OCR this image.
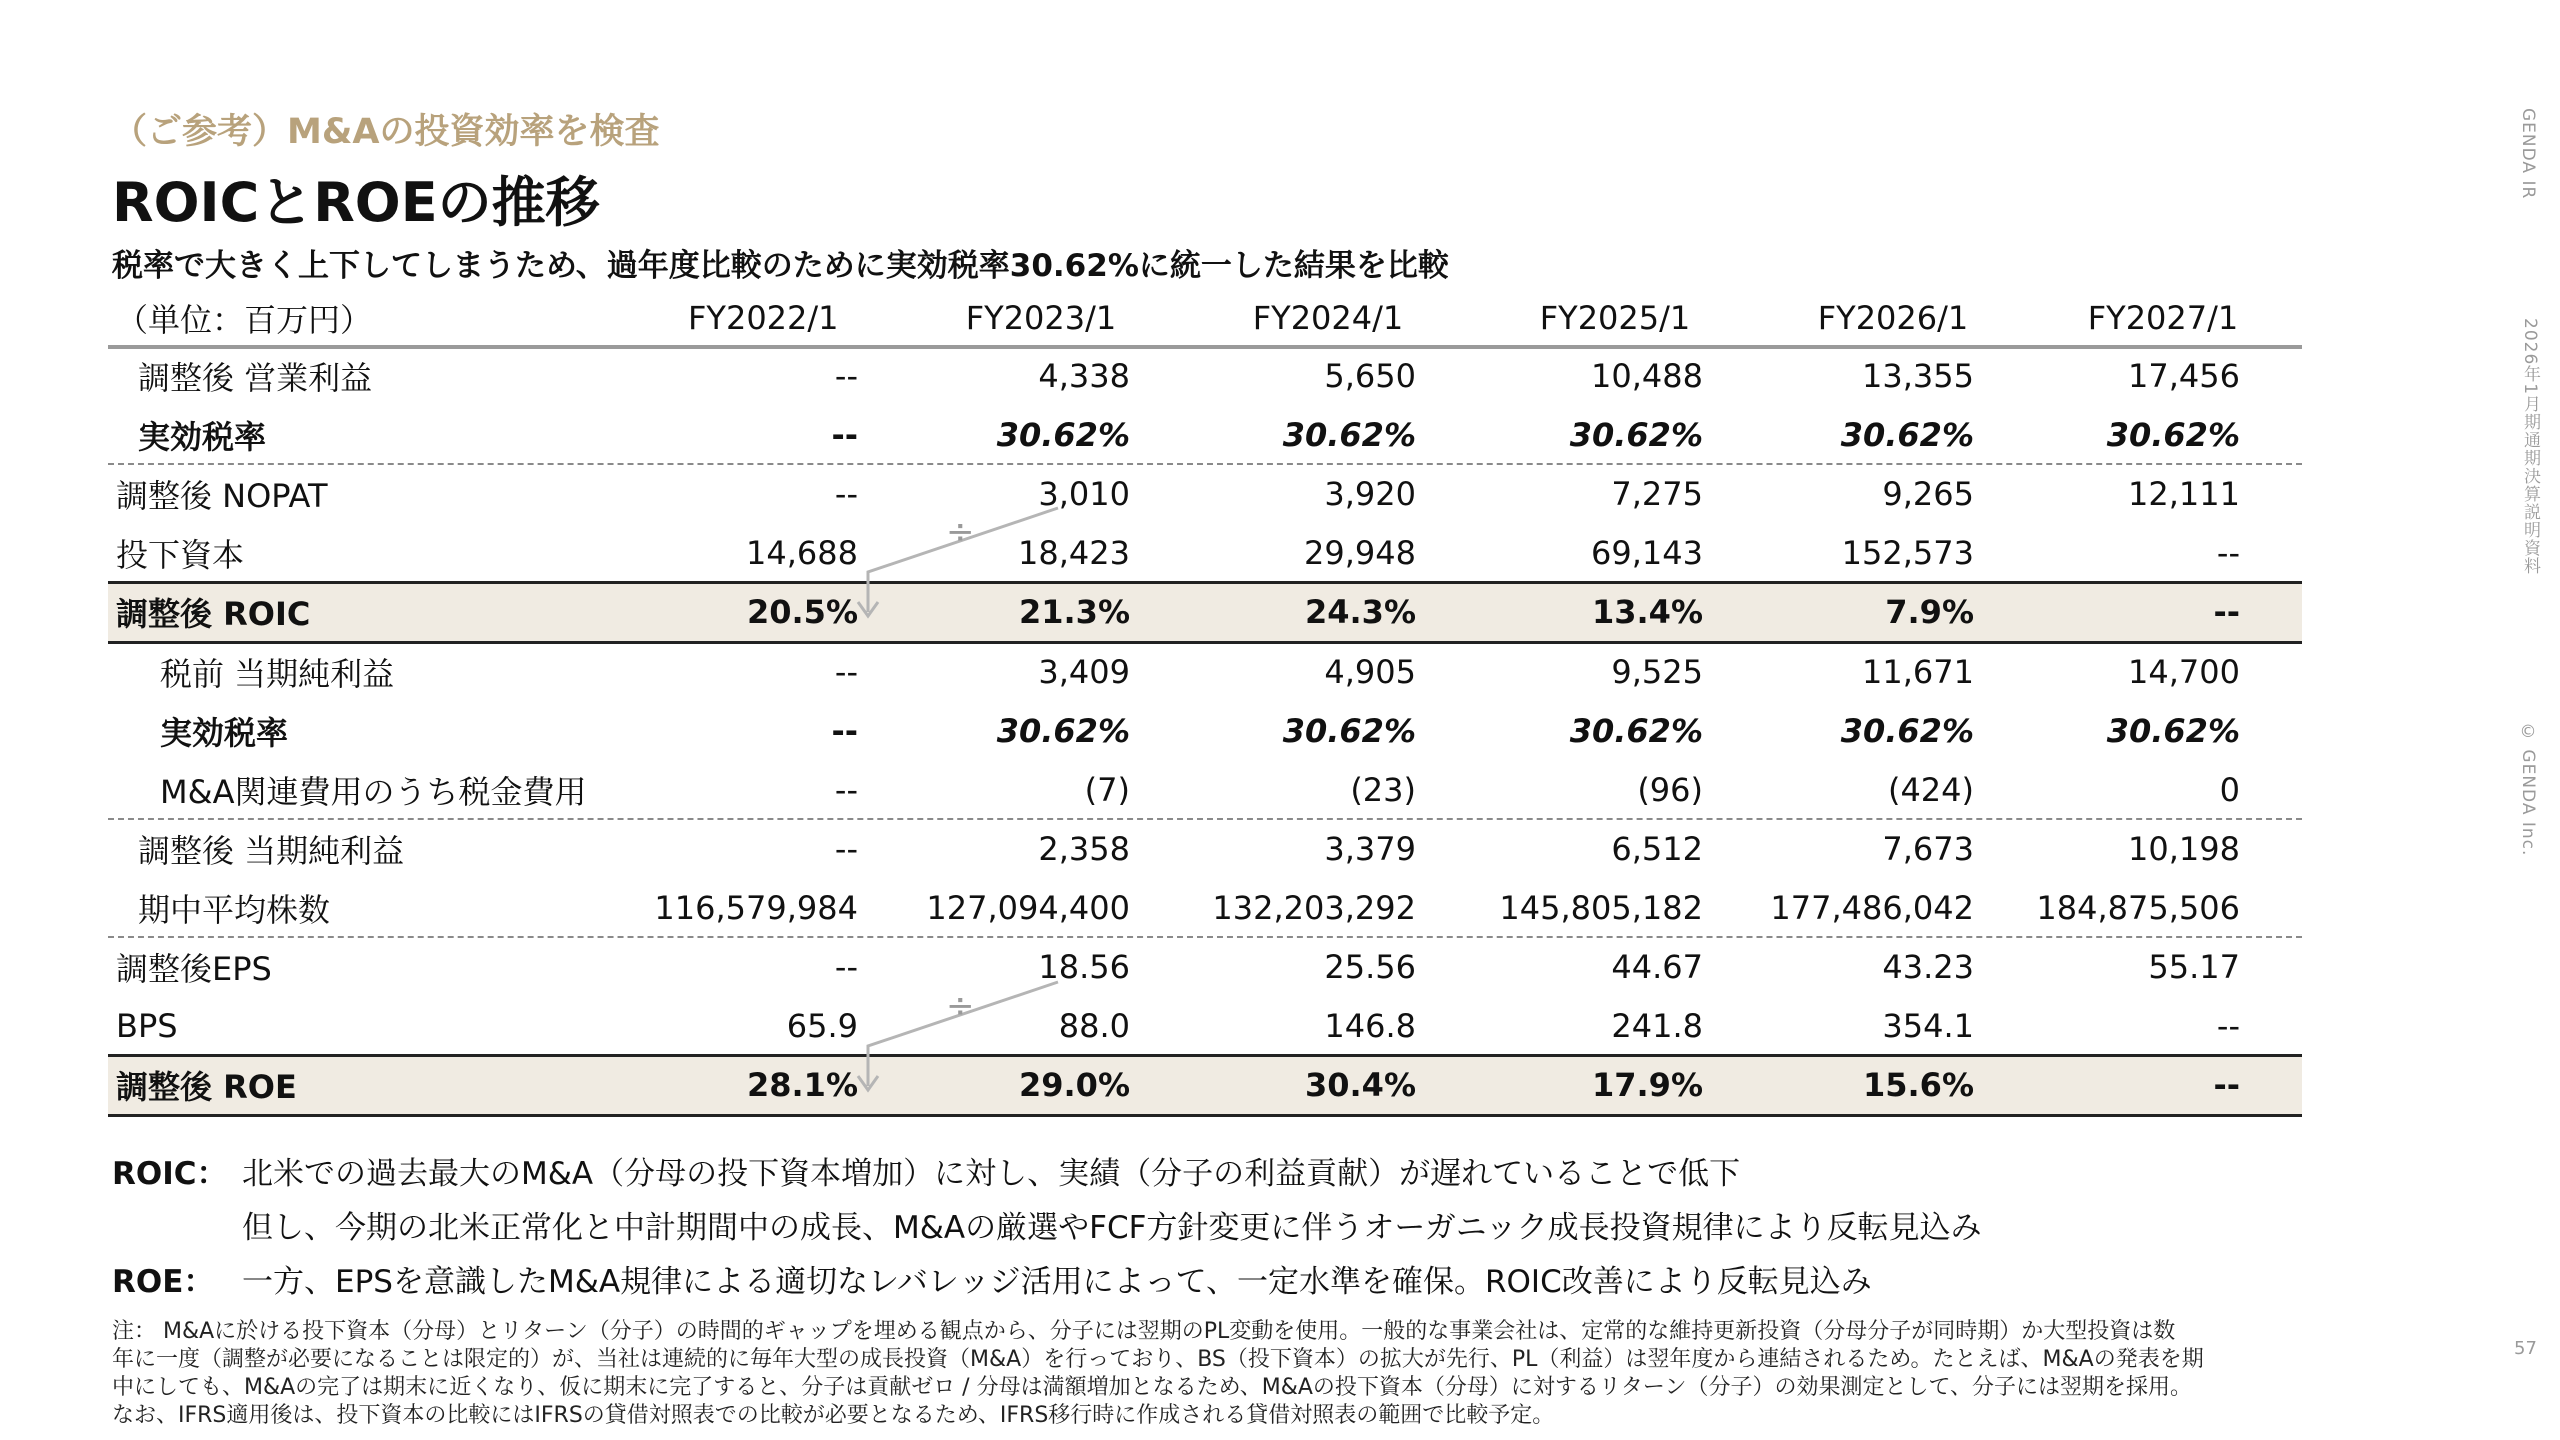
（ご参考）M&Aの投資効率を検査
ROICとROEの推移
税率で大きく上下してしまうため、過年度比較のために実効税率30.62%に統一した結果を比較
GENDA IR
2026年1月期通期決算説明資料
© GENDA Inc.
57
（単位：百万円）	FY2022/1	FY2023/1	FY2024/1	FY2025/1	FY2026/1	FY2027/1
調整後 営業利益	--	4,338	5,650	10,488	13,355	17,456
実効税率	--	30.62%	30.62%	30.62%	30.62%	30.62%
調整後 NOPAT	--	3,010	3,920	7,275	9,265	12,111
投下資本	14,688	18,423	29,948	69,143	152,573	--
調整後 ROIC	20.5%	21.3%	24.3%	13.4%	7.9%	--
税前 当期純利益	--	3,409	4,905	9,525	11,671	14,700
実効税率	--	30.62%	30.62%	30.62%	30.62%	30.62%
M&A関連費用のうち税金費用	--	(7)	(23)	(96)	(424)	0
調整後 当期純利益	--	2,358	3,379	6,512	7,673	10,198
期中平均株数	116,579,984	127,094,400	132,203,292	145,805,182	177,486,042	184,875,506
調整後EPS	--	18.56	25.56	44.67	43.23	55.17
BPS	65.9	88.0	146.8	241.8	354.1	--
調整後 ROE	28.1%	29.0%	30.4%	17.9%	15.6%	--
÷
÷
ROIC： 北米での過去最大のM&A（分母の投下資本増加）に対し、実績（分子の利益貢献）が遅れていることで低下
但し、今期の北米正常化と中計期間中の成長、M&Aの厳選やFCF方針変更に伴うオーガニック成長投資規律により反転見込み
ROE： 一方、EPSを意識したM&A規律による適切なレバレッジ活用によって、一定水準を確保。ROIC改善により反転見込み
注： M&Aに於ける投下資本（分母）とリターン（分子）の時間的ギャップを埋める観点から、分子には翌期のPL変動を使用。一般的な事業会社は、定常的な維持更新投資（分母分子が同時期）か大型投資は数
年に一度（調整が必要になることは限定的）が、当社は連続的に毎年大型の成長投資（M&A）を行っており、BS（投下資本）の拡大が先行、PL（利益）は翌年度から連結されるため。たとえば、M&Aの発表を期
中にしても、M&Aの完了は期末に近くなり、仮に期末に完了すると、分子は貢献ゼロ / 分母は満額増加となるため、M&Aの投下資本（分母）に対するリターン（分子）の効果測定として、分子には翌期を採用。
なお、IFRS適用後は、投下資本の比較にはIFRSの貸借対照表での比較が必要となるため、IFRS移行時に作成される貸借対照表の範囲で比較予定。
